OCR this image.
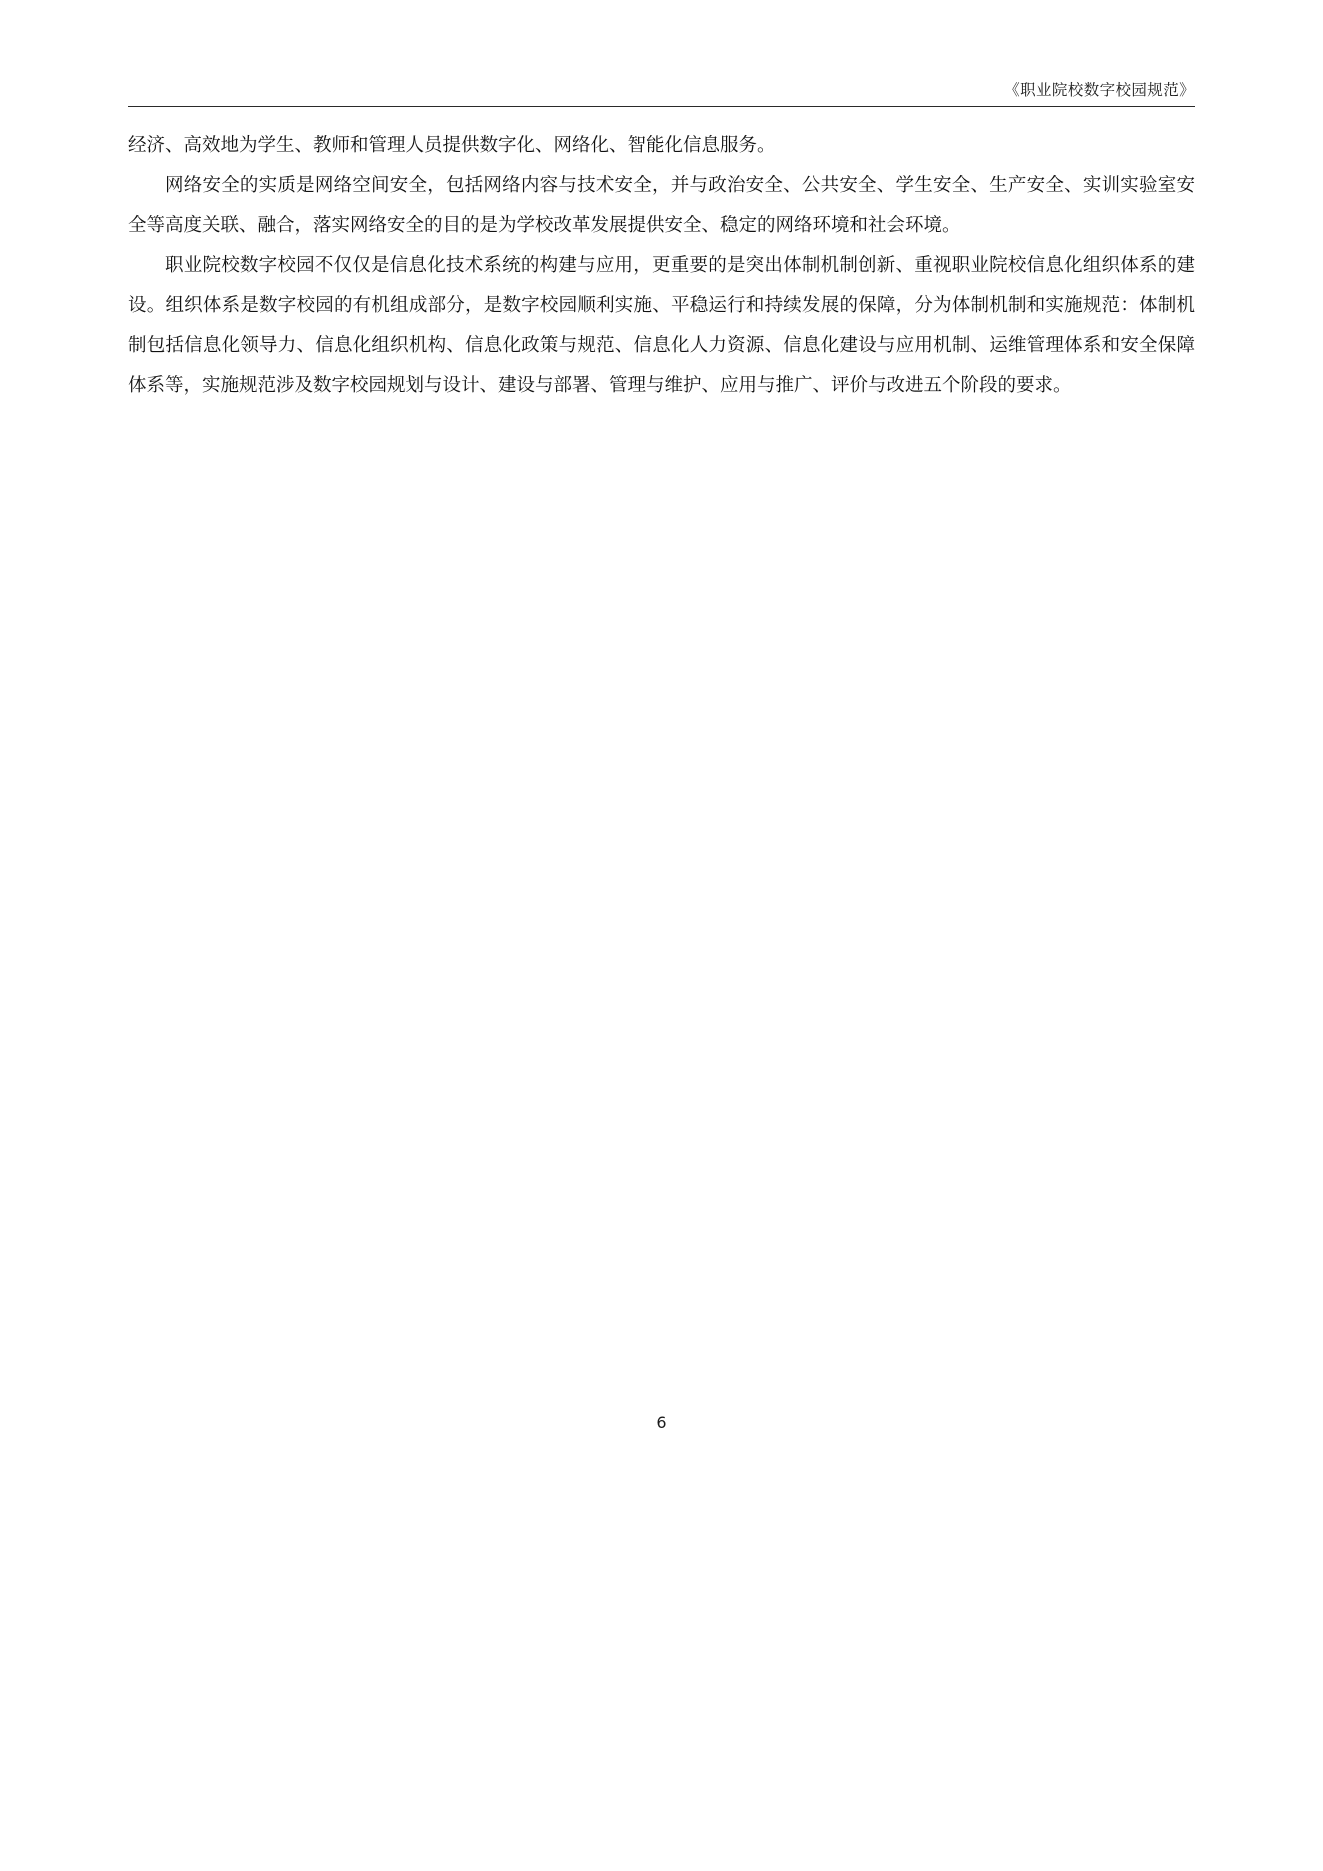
《职业院校数字校园规范》

经济、高效地为学生、教师和管理人员提供数字化、网络化、智能化信息服务。

网络安全的实质是网络空间安全，包括网络内容与技术安全，并与政治安全、公共安全、学生安全、生产安全、实训实验室安全等高度关联、融合，落实网络安全的目的是为学校改革发展提供安全、稳定的网络环境和社会环境。

职业院校数字校园不仅仅是信息化技术系统的构建与应用，更重要的是突出体制机制创新、重视职业院校信息化组织体系的建设。组织体系是数字校园的有机组成部分，是数字校园顺利实施、平稳运行和持续发展的保障，分为体制机制和实施规范：体制机制包括信息化领导力、信息化组织机构、信息化政策与规范、信息化人力资源、信息化建设与应用机制、运维管理体系和安全保障体系等，实施规范涉及数字校园规划与设计、建设与部署、管理与维护、应用与推广、评价与改进五个阶段的要求。

6
